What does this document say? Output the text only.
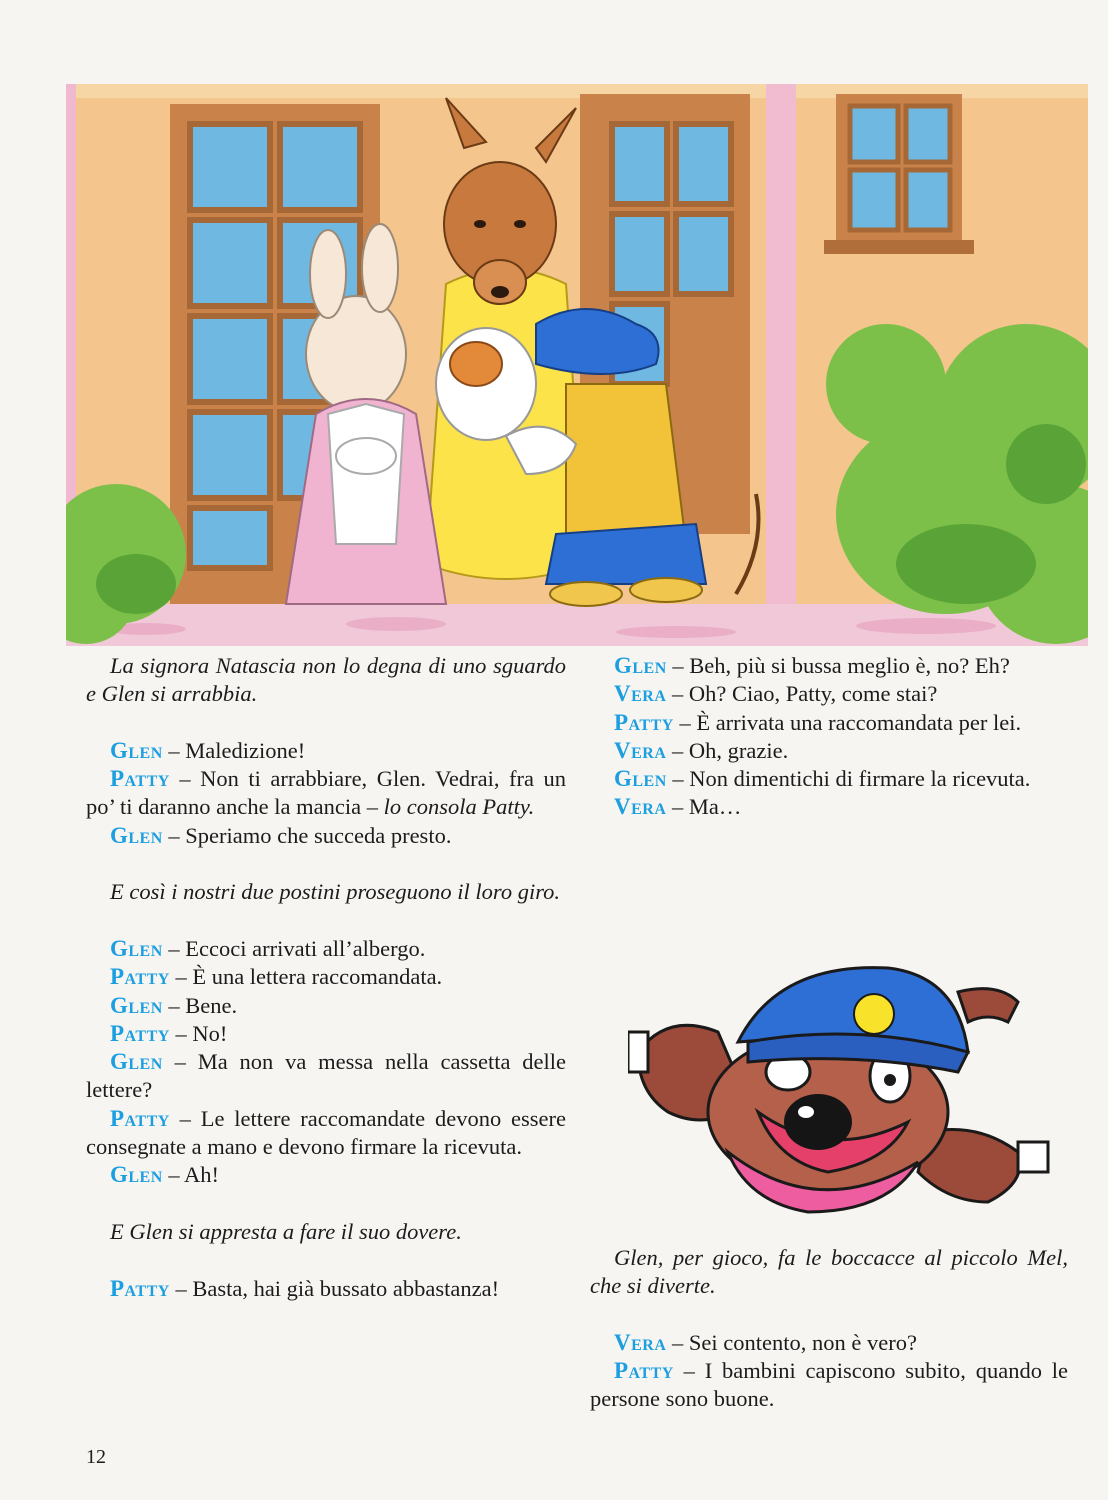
La signora Natascia non lo degna di uno sguardo e Glen si arrabbia.

Glen – Maledizione!

Patty – Non ti arrabbiare, Glen. Vedrai, fra un po’ ti daranno anche la mancia – lo consola Patty.

Glen – Speriamo che succeda presto.

E così i nostri due postini proseguono il loro giro.

Glen – Eccoci arrivati all’albergo.

Patty – È una lettera raccomandata.

Glen – Bene.

Patty – No!

Glen – Ma non va messa nella cassetta delle lettere?

Patty – Le lettere raccomandate devono essere consegnate a mano e devono firmare la ricevuta.

Glen – Ah!

E Glen si appresta a fare il suo dovere.

Patty – Basta, hai già bussato abbastanza!

Glen – Beh, più si bussa meglio è, no? Eh?

Vera – Oh? Ciao, Patty, come stai?

Patty – È arrivata una raccomandata per lei.

Vera – Oh, grazie.

Glen – Non dimentichi di firmare la ricevuta.

Vera – Ma…

Glen, per gioco, fa le boccacce al piccolo Mel, che si diverte.

Vera – Sei contento, non è vero?

Patty – I bambini capiscono subito, quando le persone sono buone.

12
